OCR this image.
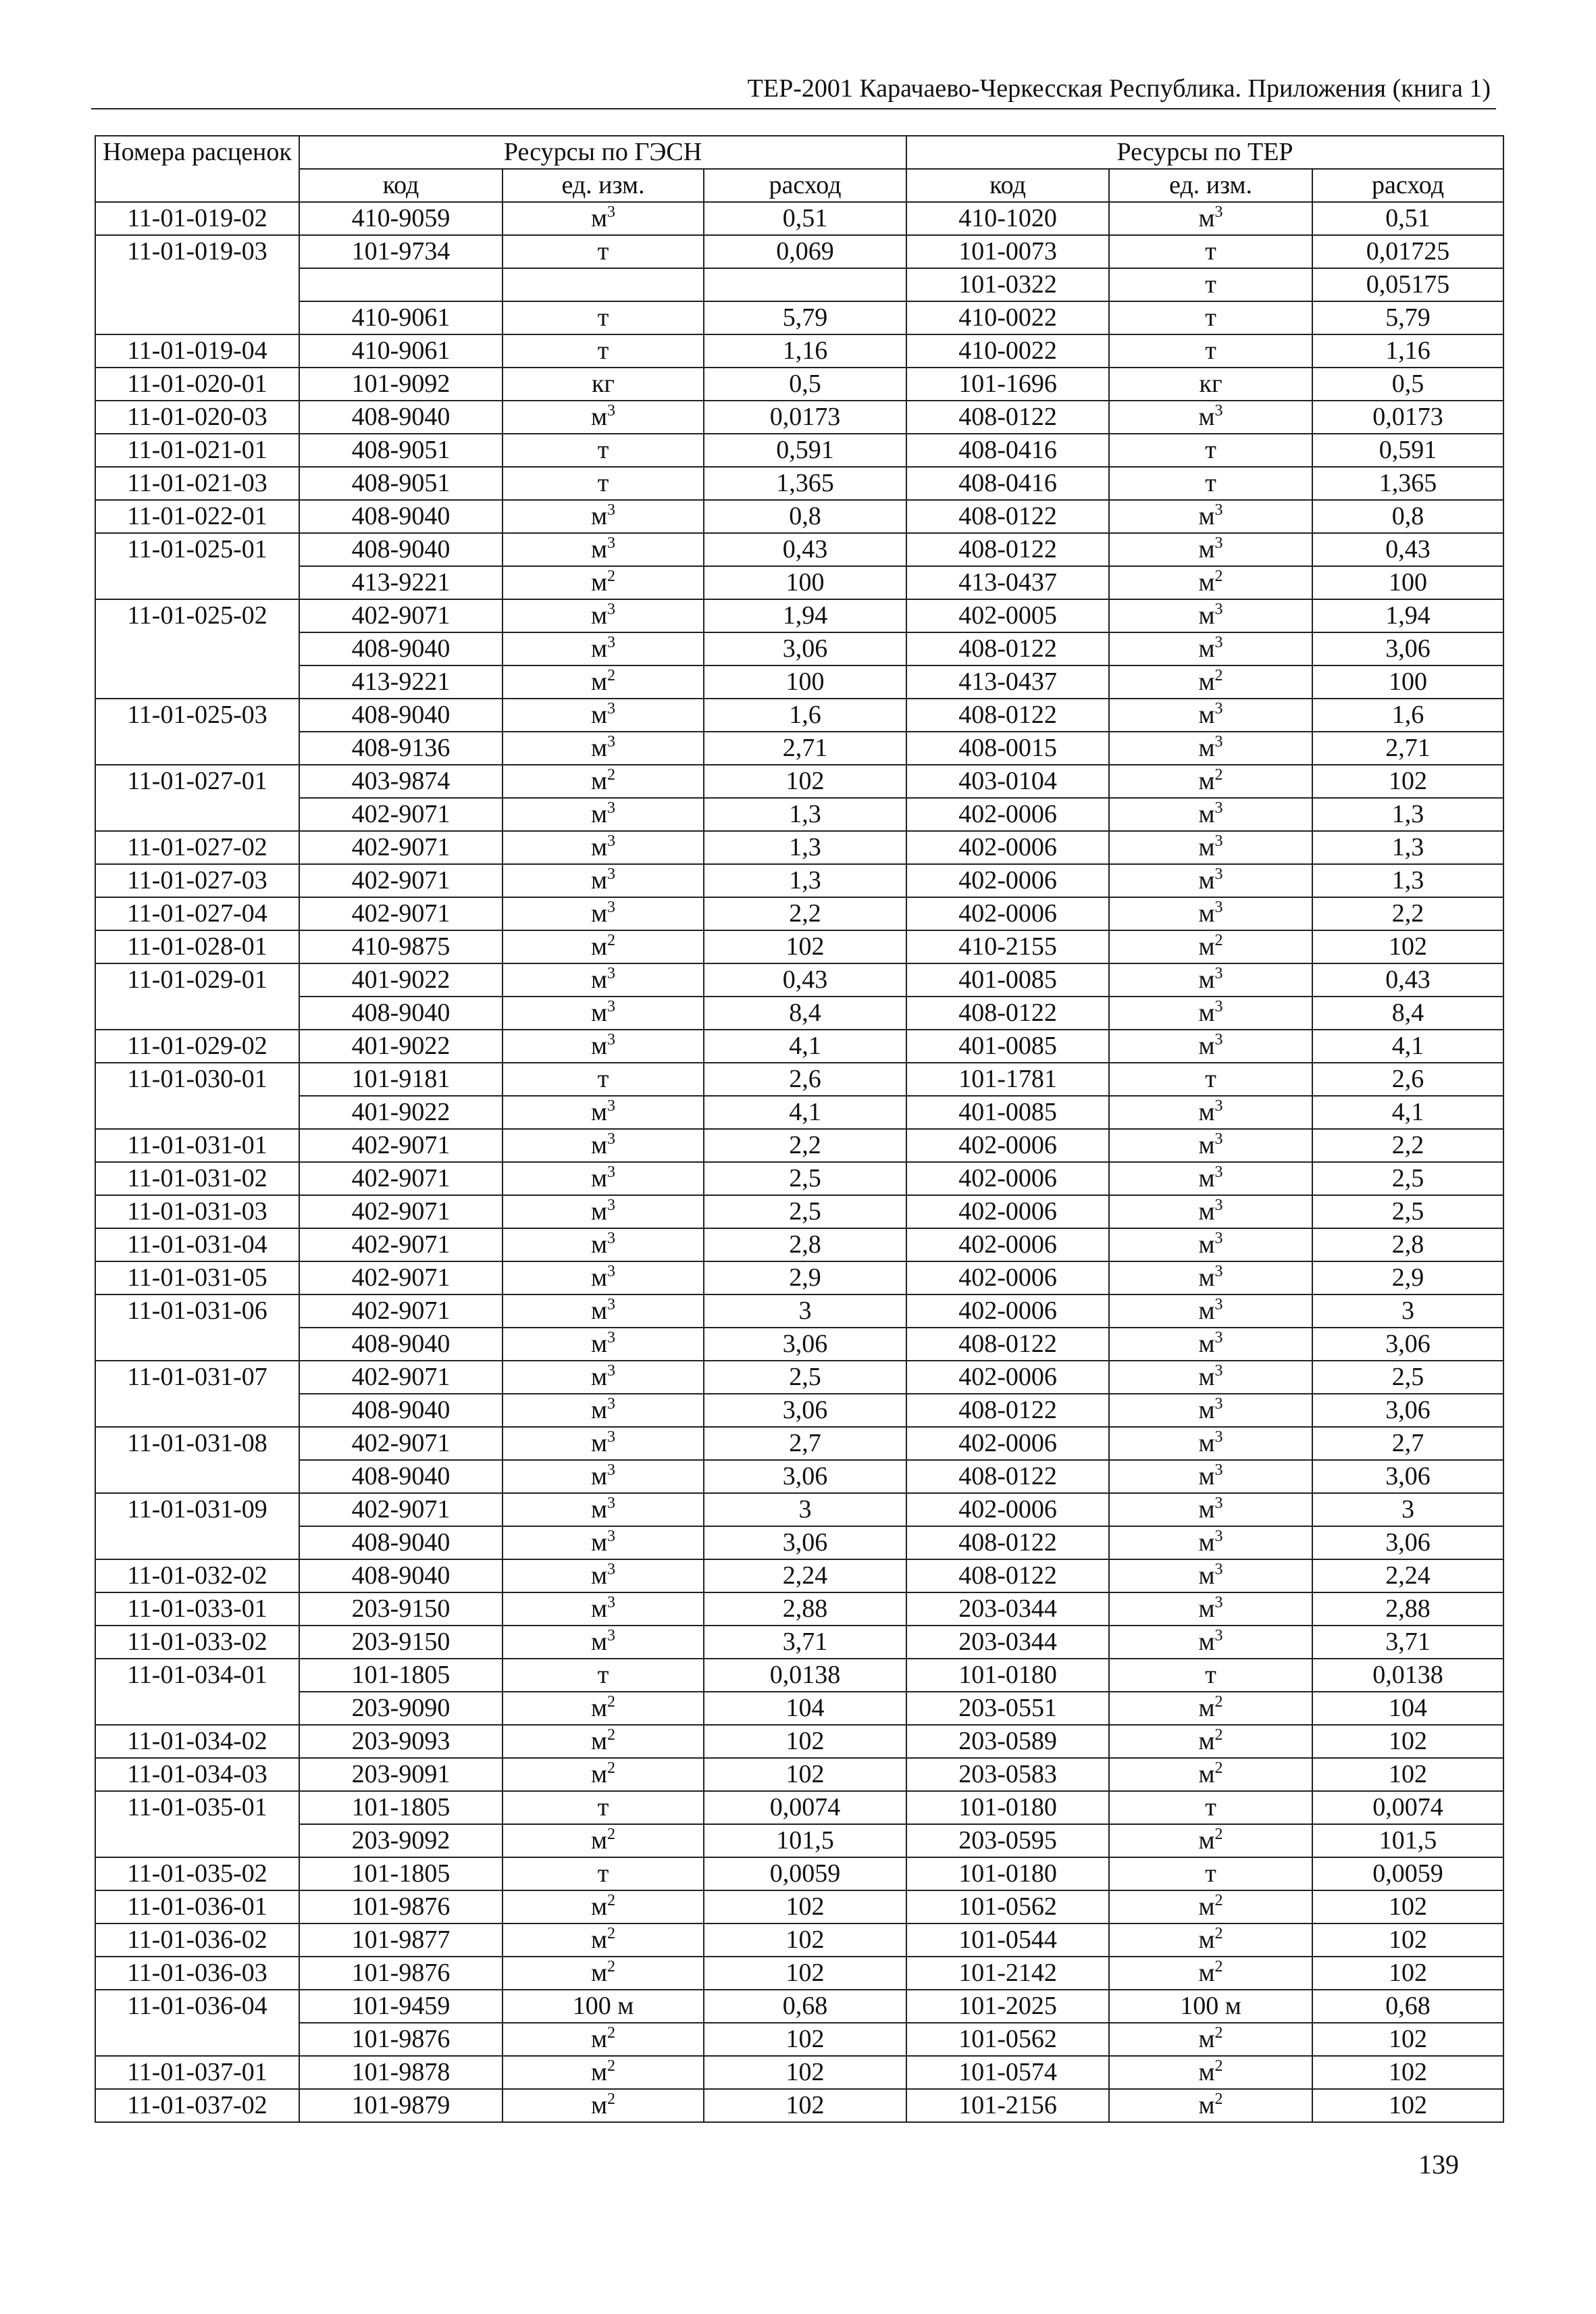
ТЕР-2001 Карачаево-Черкесская Республика. Приложения (книга 1)
Номера расценок	Ресурсы по ГЭСН			Ресурсы по ТЕР		
	код	ед. изм.	расход	код	ед. изм.	расход
11-01-019-02	410-9059	$м^3$	0,51	410-1020	$м^3$	0,51
11-01-019-03	101-9734	т	0,069	101-0073	т	0,01725
				101-0322	т	0,05175
	410-9061	т	5,79	410-0022	т	5,79
11-01-019-04	410-9061	т	1,16	410-0022	т	1,16
11-01-020-01	101-9092	кг	0,5	101-1696	кг	0,5
11-01-020-03	408-9040	$м^3$	0,0173	408-0122	$м^3$	0,0173
11-01-021-01	408-9051	т	0,591	408-0416	т	0,591
11-01-021-03	408-9051	т	1,365	408-0416	т	1,365
11-01-022-01	408-9040	$м^3$	0,8	408-0122	$м^3$	0,8
11-01-025-01	408-9040	$м^3$	0,43	408-0122	$м^3$	0,43
	413-9221	$м^2$	100	413-0437	$м^2$	100
11-01-025-02	402-9071	$м^3$	1,94	402-0005	$м^3$	1,94
	408-9040	$м^3$	3,06	408-0122	$м^3$	3,06
	413-9221	$м^2$	100	413-0437	$м^2$	100
11-01-025-03	408-9040	$м^3$	1,6	408-0122	$м^3$	1,6
	408-9136	$м^3$	2,71	408-0015	$м^3$	2,71
11-01-027-01	403-9874	$м^2$	102	403-0104	$м^2$	102
	402-9071	$м^3$	1,3	402-0006	$м^3$	1,3
11-01-027-02	402-9071	$м^3$	1,3	402-0006	$м^3$	1,3
11-01-027-03	402-9071	$м^3$	1,3	402-0006	$м^3$	1,3
11-01-027-04	402-9071	$м^3$	2,2	402-0006	$м^3$	2,2
11-01-028-01	410-9875	$м^2$	102	410-2155	$м^2$	102
11-01-029-01	401-9022	$м^3$	0,43	401-0085	$м^3$	0,43
	408-9040	$м^3$	8,4	408-0122	$м^3$	8,4
11-01-029-02	401-9022	$м^3$	4,1	401-0085	$м^3$	4,1
11-01-030-01	101-9181	т	2,6	101-1781	т	2,6
	401-9022	$м^3$	4,1	401-0085	$м^3$	4,1
11-01-031-01	402-9071	$м^3$	2,2	402-0006	$м^3$	2,2
11-01-031-02	402-9071	$м^3$	2,5	402-0006	$м^3$	2,5
11-01-031-03	402-9071	$м^3$	2,5	402-0006	$м^3$	2,5
11-01-031-04	402-9071	$м^3$	2,8	402-0006	$м^3$	2,8
11-01-031-05	402-9071	$м^3$	2,9	402-0006	$м^3$	2,9
11-01-031-06	402-9071	$м^3$	3	402-0006	$м^3$	3
	408-9040	$м^3$	3,06	408-0122	$м^3$	3,06
11-01-031-07	402-9071	$м^3$	2,5	402-0006	$м^3$	2,5
	408-9040	$м^3$	3,06	408-0122	$м^3$	3,06
11-01-031-08	402-9071	$м^3$	2,7	402-0006	$м^3$	2,7
	408-9040	$м^3$	3,06	408-0122	$м^3$	3,06
11-01-031-09	402-9071	$м^3$	3	402-0006	$м^3$	3
	408-9040	$м^3$	3,06	408-0122	$м^3$	3,06
11-01-032-02	408-9040	$м^3$	2,24	408-0122	$м^3$	2,24
11-01-033-01	203-9150	$м^3$	2,88	203-0344	$м^3$	2,88
11-01-033-02	203-9150	$м^3$	3,71	203-0344	$м^3$	3,71
11-01-034-01	101-1805	т	0,0138	101-0180	т	0,0138
	203-9090	$м^2$	104	203-0551	$м^2$	104
11-01-034-02	203-9093	$м^2$	102	203-0589	$м^2$	102
11-01-034-03	203-9091	$м^2$	102	203-0583	$м^2$	102
11-01-035-01	101-1805	т	0,0074	101-0180	т	0,0074
	203-9092	$м^2$	101,5	203-0595	$м^2$	101,5
11-01-035-02	101-1805	т	0,0059	101-0180	т	0,0059
11-01-036-01	101-9876	$м^2$	102	101-0562	$м^2$	102
11-01-036-02	101-9877	$м^2$	102	101-0544	$м^2$	102
11-01-036-03	101-9876	$м^2$	102	101-2142	$м^2$	102
11-01-036-04	101-9459	100 м	0,68	101-2025	100 м	0,68
	101-9876	$м^2$	102	101-0562	$м^2$	102
11-01-037-01	101-9878	$м^2$	102	101-0574	$м^2$	102
11-01-037-02	101-9879	$м^2$	102	101-2156	$м^2$	102
139
